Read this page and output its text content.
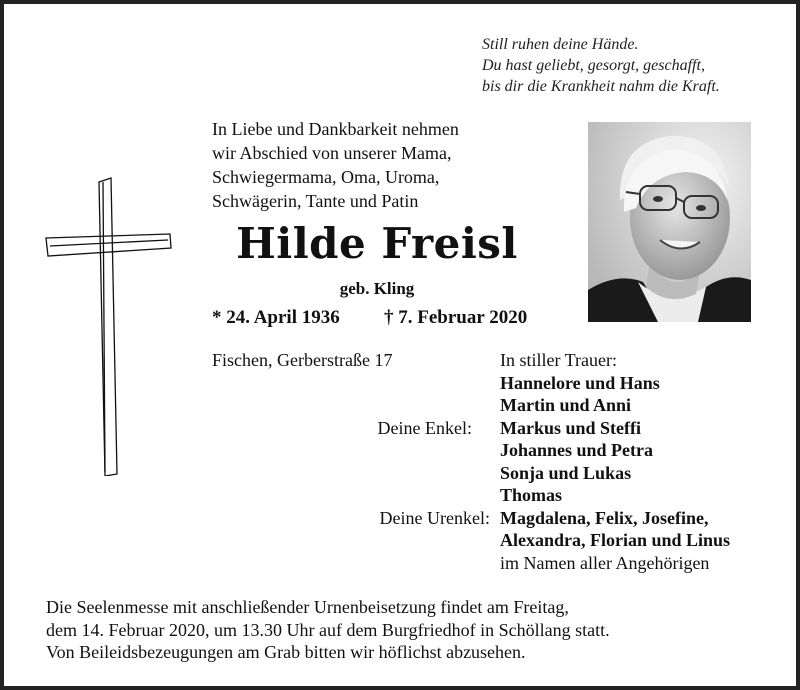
Still ruhen deine Hände.
Du hast geliebt, gesorgt, geschafft,
bis dir die Krankheit nahm die Kraft.
In Liebe und Dankbarkeit nehmen
wir Abschied von unserer Mama,
Schwiegermama, Oma, Uroma,
Schwägerin, Tante und Patin
Hilde Freisl
geb. Kling
* 24. April 1936 † 7. Februar 2020
Fischen, Gerberstraße 17	In stiller Trauer:
Hannelore und Hans
Martin und Anni
Markus und Steffi
Johannes und Petra
Sonja und Lukas
Thomas
Magdalena, Felix, Josefine,
Alexandra, Florian und Linus
im Namen aller Angehörigen
Deine Enkel:
Deine Urenkel:
Die Seelenmesse mit anschließender Urnenbeisetzung findet am Freitag,
dem 14. Februar 2020, um 13.30 Uhr auf dem Burgfriedhof in Schöllang statt.
Von Beileidsbezeugungen am Grab bitten wir höflichst abzusehen.
